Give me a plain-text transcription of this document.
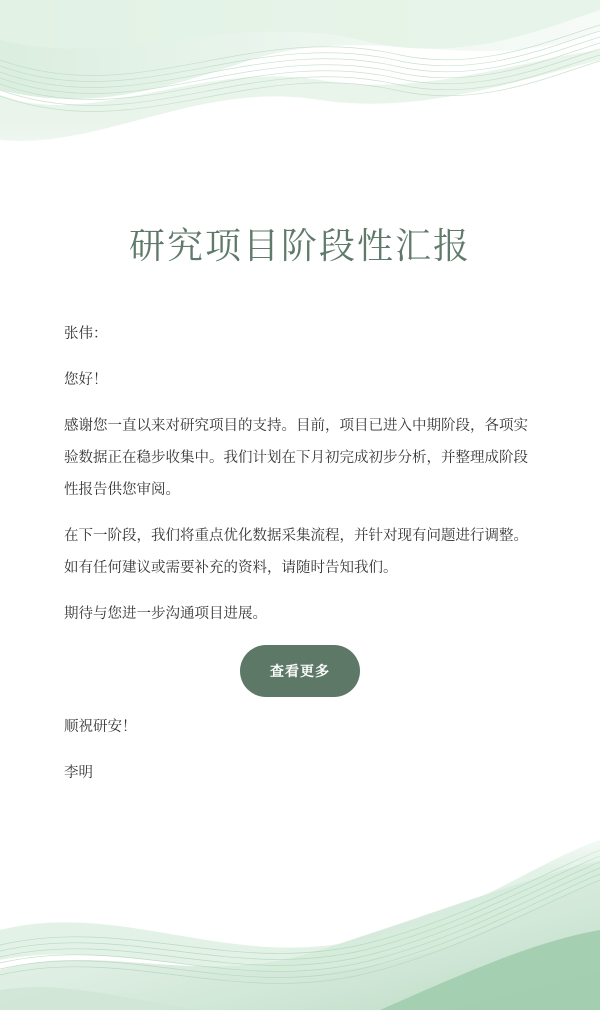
研究项目阶段性汇报

张伟：

您好！

感谢您一直以来对研究项目的支持。目前，项目已进入中期阶段，各项实验数据正在稳步收集中。我们计划在下月初完成初步分析，并整理成阶段性报告供您审阅。

在下一阶段，我们将重点优化数据采集流程，并针对现有问题进行调整。如有任何建议或需要补充的资料，请随时告知我们。

期待与您进一步沟通项目进展。

查看更多

顺祝研安！

李明
